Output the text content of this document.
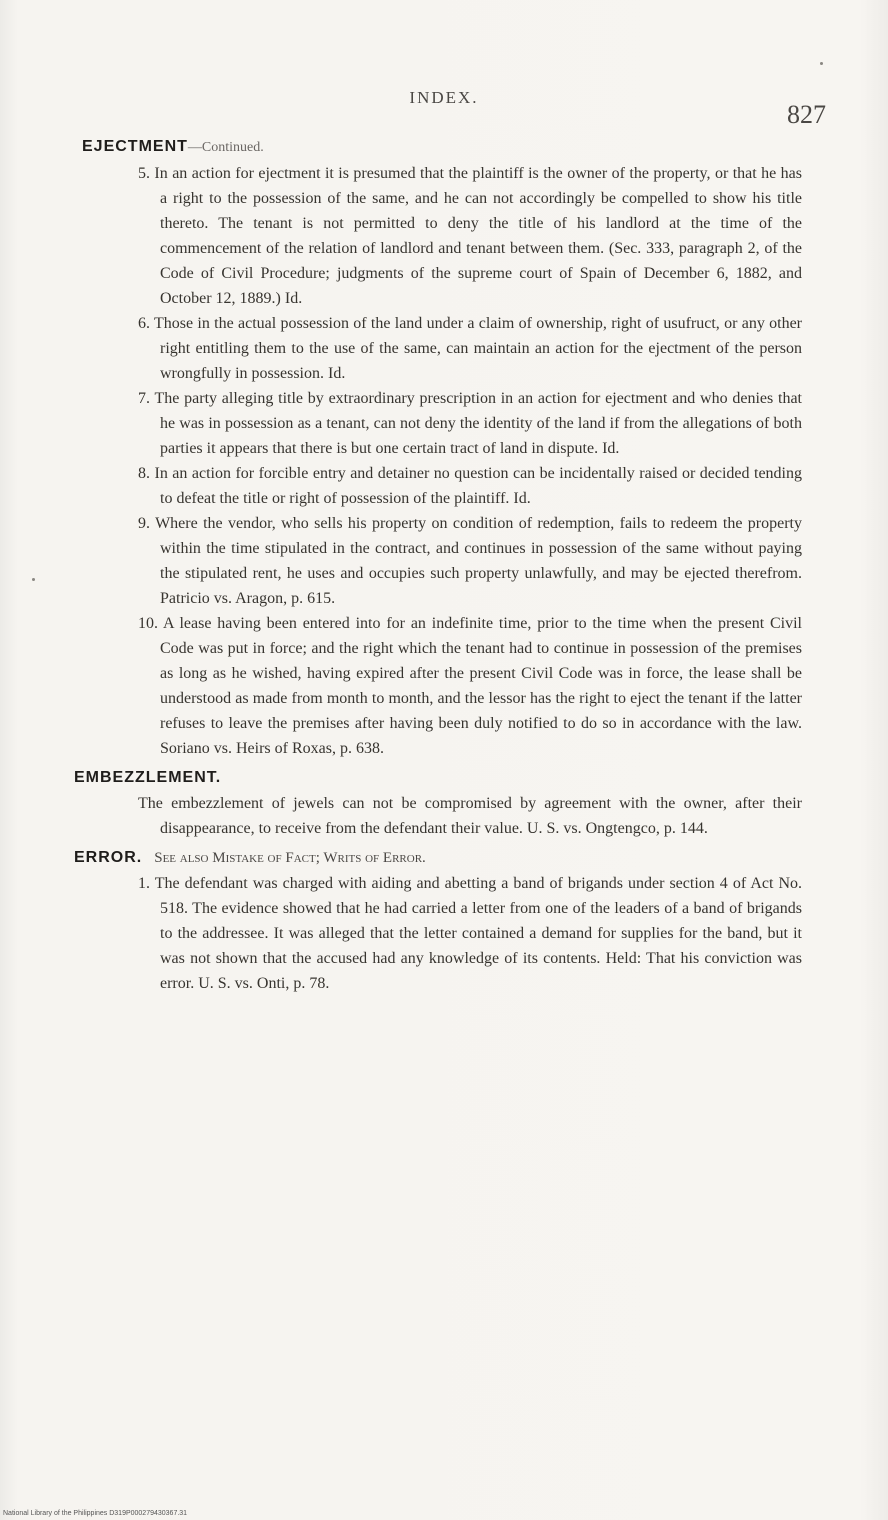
INDEX.
827
EJECTMENT—Continued.

5. In an action for ejectment it is presumed that the plaintiff is the owner of the property, or that he has a right to the possession of the same, and he can not accordingly be compelled to show his title thereto. The tenant is not permitted to deny the title of his landlord at the time of the commencement of the relation of landlord and tenant between them. (Sec. 333, paragraph 2, of the Code of Civil Procedure; judgments of the supreme court of Spain of December 6, 1882, and October 12, 1889.) Id.

6. Those in the actual possession of the land under a claim of ownership, right of usufruct, or any other right entitling them to the use of the same, can maintain an action for the ejectment of the person wrongfully in possession. Id.

7. The party alleging title by extraordinary prescription in an action for ejectment and who denies that he was in possession as a tenant, can not deny the identity of the land if from the allegations of both parties it appears that there is but one certain tract of land in dispute. Id.

8. In an action for forcible entry and detainer no question can be incidentally raised or decided tending to defeat the title or right of possession of the plaintiff. Id.

9. Where the vendor, who sells his property on condition of redemption, fails to redeem the property within the time stipulated in the contract, and continues in possession of the same without paying the stipulated rent, he uses and occupies such property unlawfully, and may be ejected therefrom. Patricio vs. Aragon, p. 615.

10. A lease having been entered into for an indefinite time, prior to the time when the present Civil Code was put in force; and the right which the tenant had to continue in possession of the premises as long as he wished, having expired after the present Civil Code was in force, the lease shall be understood as made from month to month, and the lessor has the right to eject the tenant if the latter refuses to leave the premises after having been duly notified to do so in accordance with the law. Soriano vs. Heirs of Roxas, p. 638.

EMBEZZLEMENT.

The embezzlement of jewels can not be compromised by agreement with the owner, after their disappearance, to receive from the defendant their value. U. S. vs. Ongtengco, p. 144.

ERROR. See also Mistake of Fact; Writs of Error.

1. The defendant was charged with aiding and abetting a band of brigands under section 4 of Act No. 518. The evidence showed that he had carried a letter from one of the leaders of a band of brigands to the addressee. It was alleged that the letter contained a demand for supplies for the band, but it was not shown that the accused had any knowledge of its contents. Held: That his conviction was error. U. S. vs. Onti, p. 78.

National Library of the Philippines D319P000279430367.31
